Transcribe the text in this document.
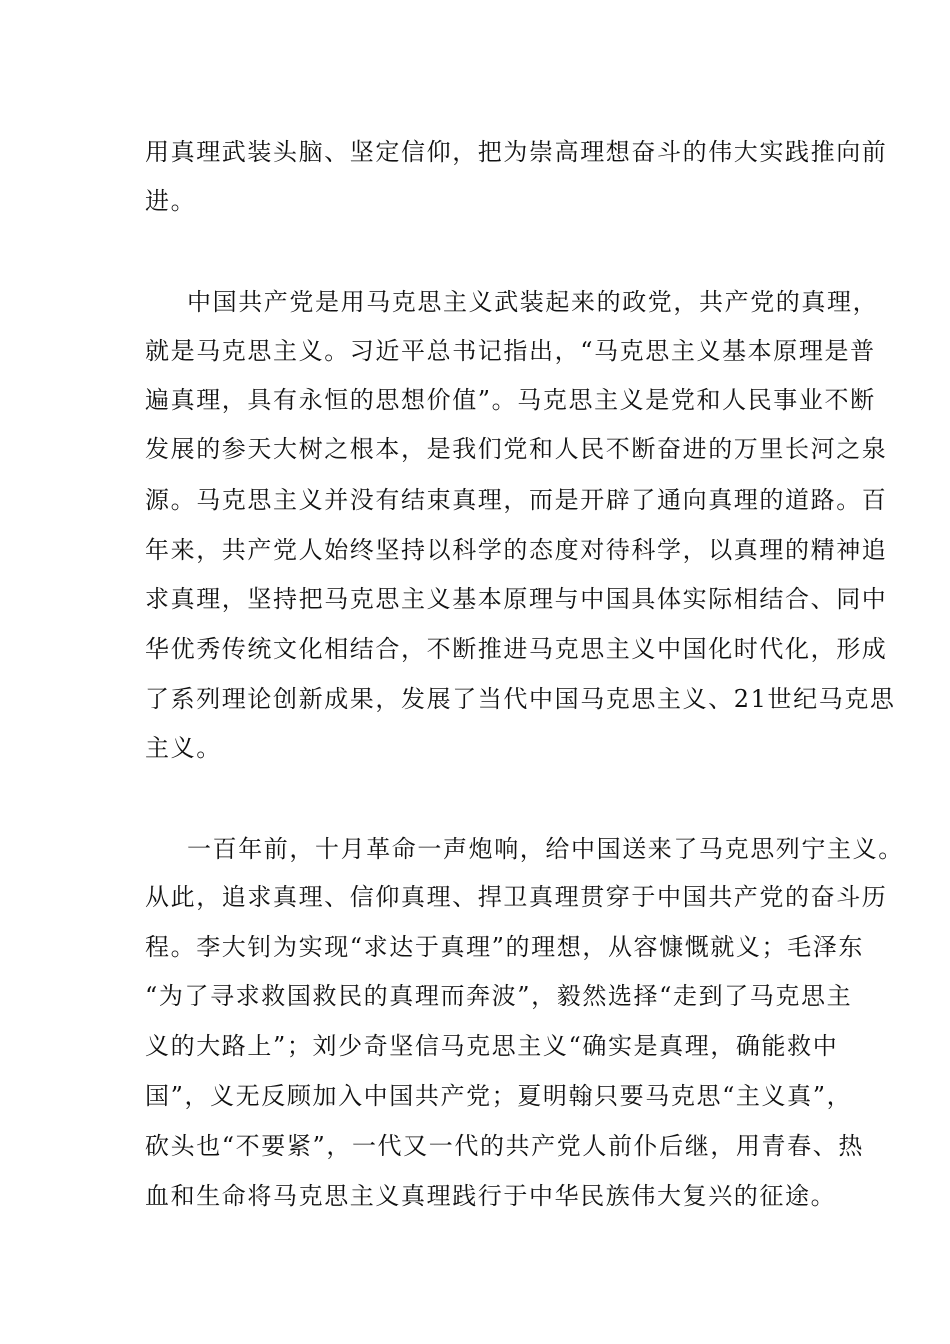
用真理武装头脑、坚定信仰，把为崇高理想奋斗的伟大实践推向前
进。
中国共产党是用马克思主义武装起来的政党，共产党的真理，
就是马克思主义。习近平总书记指出，“马克思主义基本原理是普
遍真理，具有永恒的思想价值”。马克思主义是党和人民事业不断
发展的参天大树之根本，是我们党和人民不断奋进的万里长河之泉
源。马克思主义并没有结束真理，而是开辟了通向真理的道路。百
年来，共产党人始终坚持以科学的态度对待科学，以真理的精神追
求真理，坚持把马克思主义基本原理与中国具体实际相结合、同中
华优秀传统文化相结合，不断推进马克思主义中国化时代化，形成
了系列理论创新成果，发展了当代中国马克思主义、21世纪马克思
主义。
一百年前，十月革命一声炮响，给中国送来了马克思列宁主义。
从此，追求真理、信仰真理、捍卫真理贯穿于中国共产党的奋斗历
程。李大钊为实现“求达于真理”的理想，从容慷慨就义；毛泽东
“为了寻求救国救民的真理而奔波”，毅然选择“走到了马克思主
义的大路上”；刘少奇坚信马克思主义“确实是真理，确能救中
国”，义无反顾加入中国共产党；夏明翰只要马克思“主义真”，
砍头也“不要紧”，一代又一代的共产党人前仆后继，用青春、热
血和生命将马克思主义真理践行于中华民族伟大复兴的征途。
